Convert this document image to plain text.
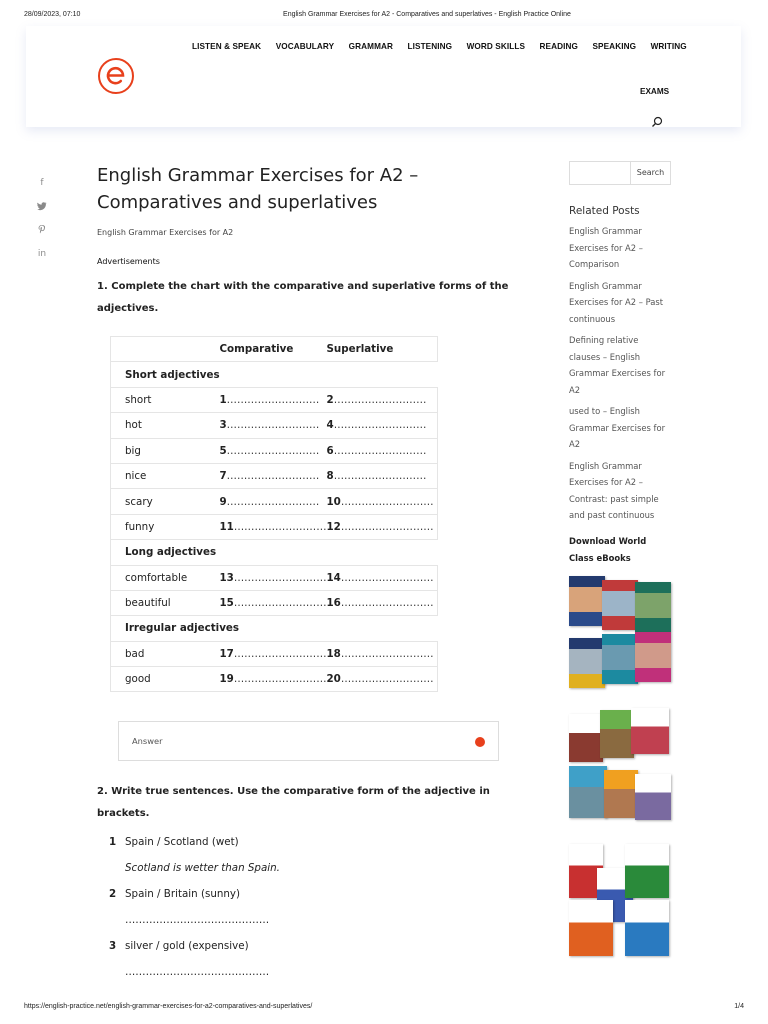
28/09/2023, 07:10	English Grammar Exercises for A2 - Comparatives and superlatives - English Practice Online
LISTEN & SPEAK VOCABULARY GRAMMAR LISTENING WORD SKILLS READING SPEAKING WRITING
EXAMS
f
in
English Grammar Exercises for A2 – Comparatives and superlatives
English Grammar Exercises for A2
Advertisements
1. Complete the chart with the comparative and superlative forms of the adjectives.
	Comparative	Superlative
Short adjectives		
short	1………………………	2………………………
hot	3………………………	4………………………
big	5………………………	6………………………
nice	7………………………	8………………………
scary	9………………………	10………………………
funny	11………………………	12………………………
Long adjectives		
comfortable	13………………………	14………………………
beautiful	15………………………	16………………………
Irregular adjectives		
bad	17………………………	18………………………
good	19………………………	20………………………
Answer
2. Write true sentences. Use the comparative form of the adjective in brackets.
1 Spain / Scotland (wet)
Scotland is wetter than Spain.
2 Spain / Britain (sunny)
……………………………………
3 silver / gold (expensive)
……………………………………
Search
Related Posts
English Grammar Exercises for A2 – Comparison
English Grammar Exercises for A2 – Past continuous
Defining relative clauses – English Grammar Exercises for A2
used to – English Grammar Exercises for A2
English Grammar Exercises for A2 – Contrast: past simple and past continuous
Download World Class eBooks
https://english-practice.net/english-grammar-exercises-for-a2-comparatives-and-superlatives/	1/4
